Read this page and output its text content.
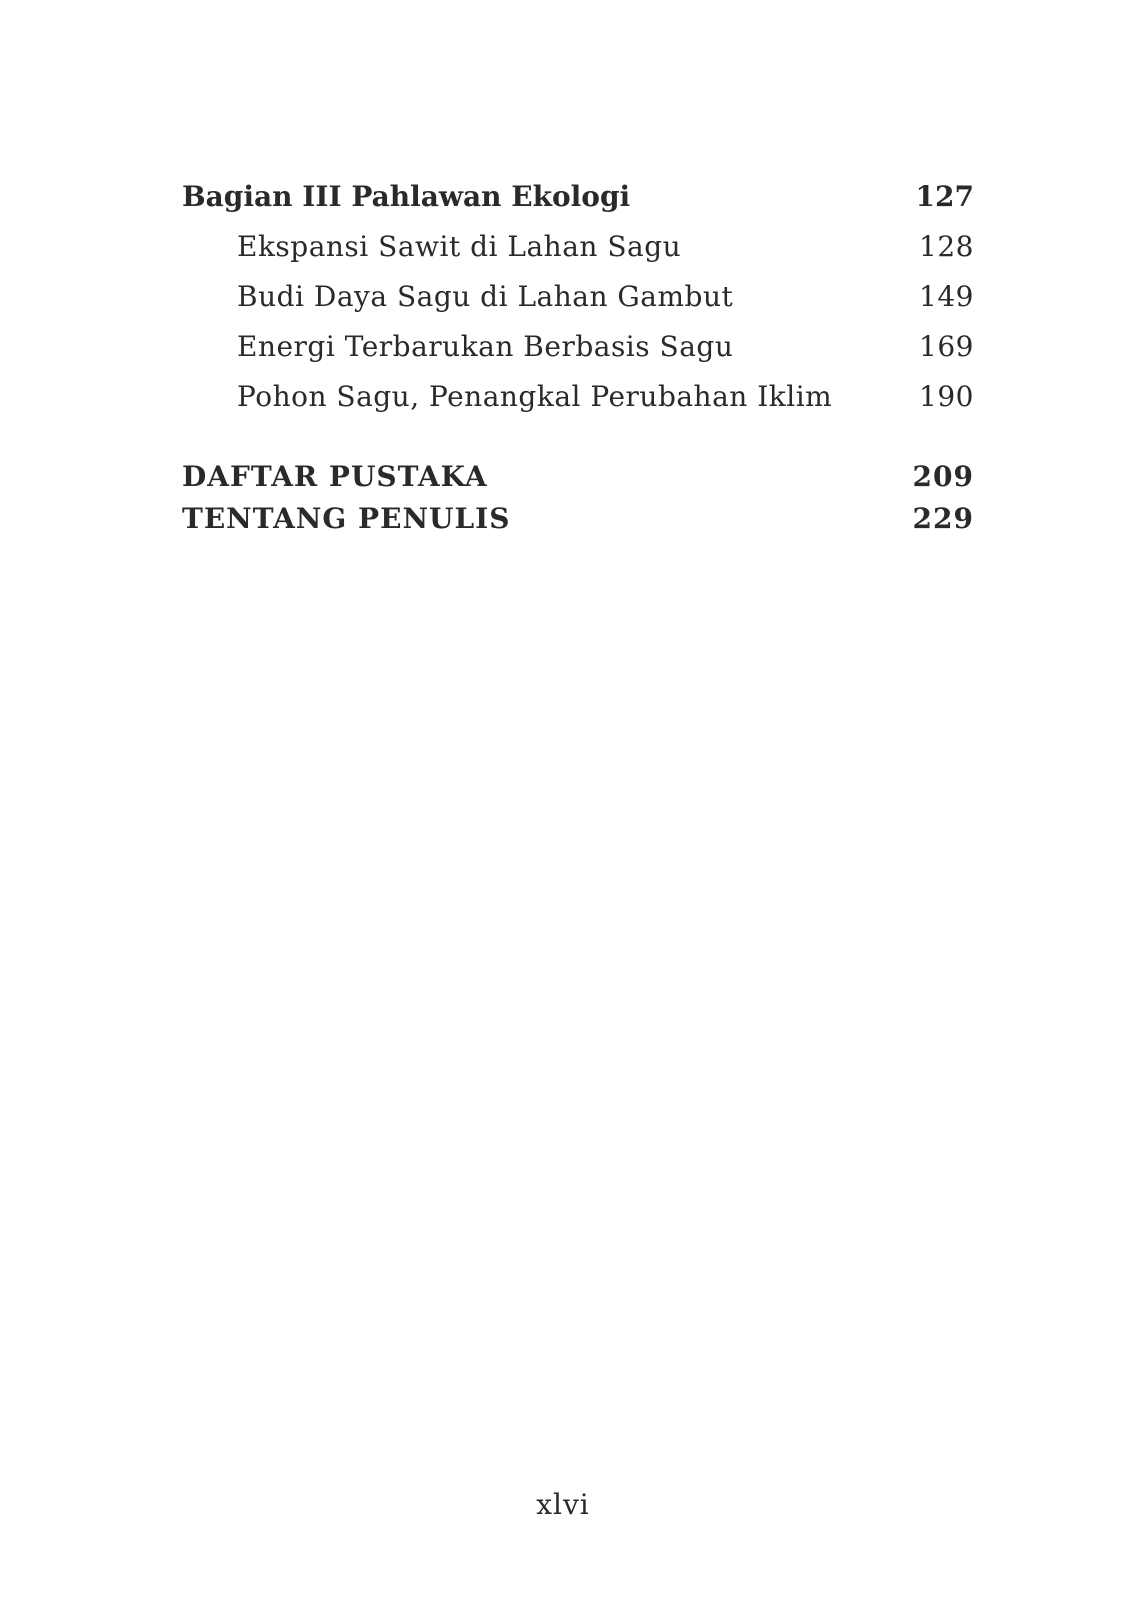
Bagian III Pahlawan Ekologi	127
Ekspansi Sawit di Lahan Sagu	128
Budi Daya Sagu di Lahan Gambut	149
Energi Terbarukan Berbasis Sagu	169
Pohon Sagu, Penangkal Perubahan Iklim	190
DAFTAR PUSTAKA	209
TENTANG PENULIS	229
xlvi
